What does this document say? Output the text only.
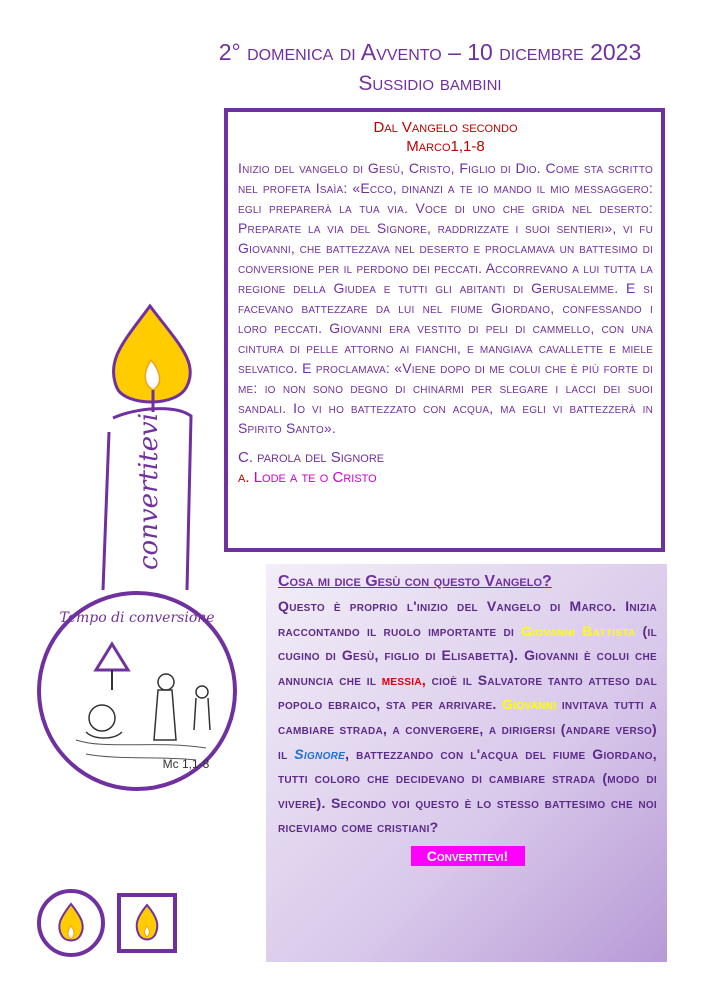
2° domenica di Avvento – 10 dicembre 2023
Sussidio bambini
Dal Vangelo secondo
Marco1,1-8
Inizio del vangelo di Gesù, Cristo, Figlio di Dio. Come sta scritto nel profeta Isaìa: «Ecco, dinanzi a te io mando il mio messaggero: egli preparerà la tua via. Voce di uno che grida nel deserto: Preparate la via del Signore, raddrizzate i suoi sentieri», vi fu Giovanni, che battezzava nel deserto e proclamava un battesimo di conversione per il perdono dei peccati. Accorrevano a lui tutta la regione della Giudea e tutti gli abitanti di Gerusalemme. E si facevano battezzare da lui nel fiume Giordano, confessando i loro peccati. Giovanni era vestito di peli di cammello, con una cintura di pelle attorno ai fianchi, e mangiava cavallette e miele selvatico. E proclamava: «Viene dopo di me colui che è più forte di me: io non sono degno di chinarmi per slegare i lacci dei suoi sandali. Io vi ho battezzato con acqua, ma egli vi battezzerà in Spirito Santo».
C. parola del Signore
a. Lode a te o Cristo
convertitevi
Tempo di conversione
Mc 1,1-8
Cosa mi dice Gesù con questo Vangelo?
Questo è proprio l'inizio del Vangelo di Marco. Inizia raccontando il ruolo importante di Giovanni Battista (il cugino di Gesù, figlio di Elisabetta). Giovanni è colui che annuncia che il messia, cioè il Salvatore tanto atteso dal popolo ebraico, sta per arrivare. Giovanni invitava tutti a cambiare strada, a convergere, a dirigersi (andare verso) il Signore, battezzando con l'acqua del fiume Giordano, tutti coloro che decidevano di cambiare strada (modo di vivere). Secondo voi questo è lo stesso battesimo che noi riceviamo come cristiani?
Convertitevi!
